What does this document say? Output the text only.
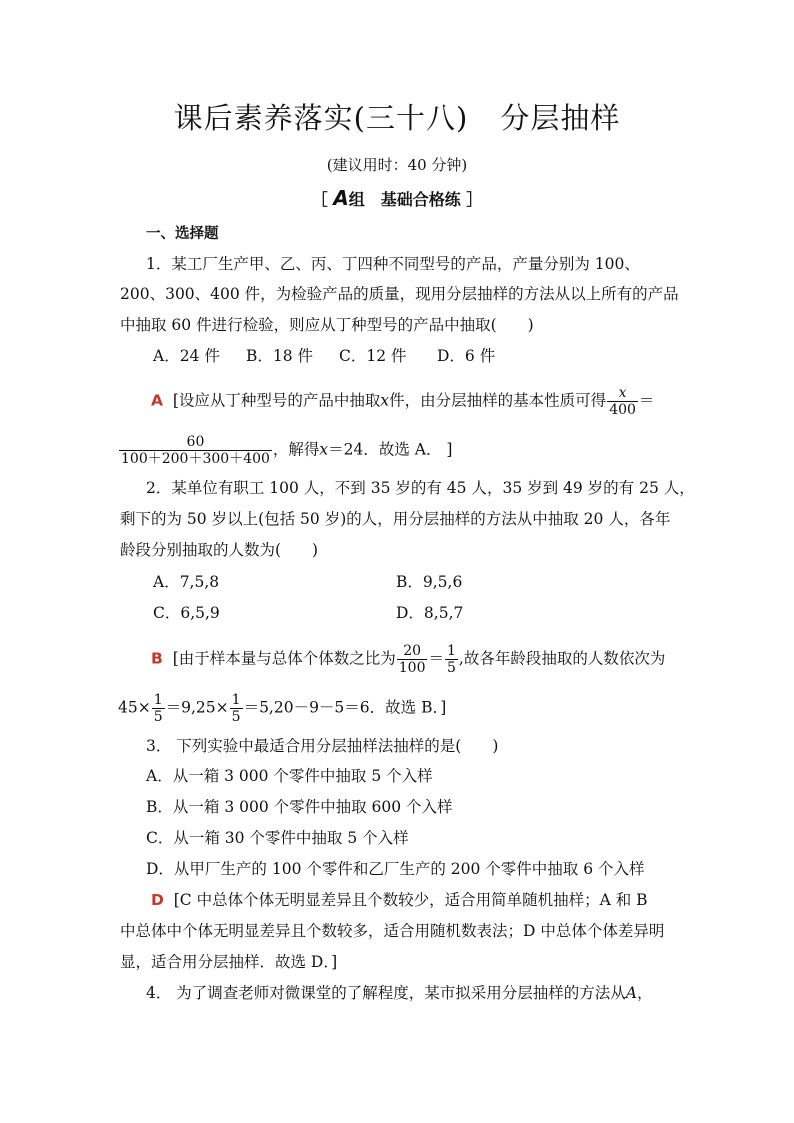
课后素养落实(三十八) 分层抽样
(建议用时：40 分钟)
［ A组　基础合格练 ］
一、选择题
1．某工厂生产甲、乙、丙、丁四种不同型号的产品，产量分别为 100、
200、300、400 件，为检验产品的质量，现用分层抽样的方法从以上所有的产品
中抽取 60 件进行检验，则应从丁种型号的产品中抽取(　　)
A．24 件 B．18 件 C．12 件 D．6 件
A [设应从丁种型号的产品中抽取x件，由分层抽样的基本性质可得 $\frac{x}{400}$ ＝
$\frac{60}{100+200+300+400}$ ，解得x＝24．故选 A． ]
2．某单位有职工 100 人，不到 35 岁的有 45 人，35 岁到 49 岁的有 25 人，
剩下的为 50 岁以上(包括 50 岁)的人，用分层抽样的方法从中抽取 20 人，各年
龄段分别抽取的人数为(　　)
A．7,5,8	B．9,5,6
C．6,5,9	D．8,5,7
B [由于样本量与总体个体数之比为 $\frac{20}{100} = \frac{1}{5}$ ,故各年龄段抽取的人数依次为
$45\times \frac{1}{5} =9,25\times \frac{1}{5} =5,20-9-5=6$．故选 B．]
3． 下列实验中最适合用分层抽样法抽样的是(　　)
A．从一箱 3 000 个零件中抽取 5 个入样
B．从一箱 3 000 个零件中抽取 600 个入样
C．从一箱 30 个零件中抽取 5 个入样
D．从甲厂生产的 100 个零件和乙厂生产的 200 个零件中抽取 6 个入样
D [C 中总体个体无明显差异且个数较少，适合用简单随机抽样；A 和 B
中总体中个体无明显差异且个数较多，适合用随机数表法；D 中总体个体差异明
显，适合用分层抽样．故选 D．]
4． 为了调查老师对微课堂的了解程度，某市拟采用分层抽样的方法从A，
